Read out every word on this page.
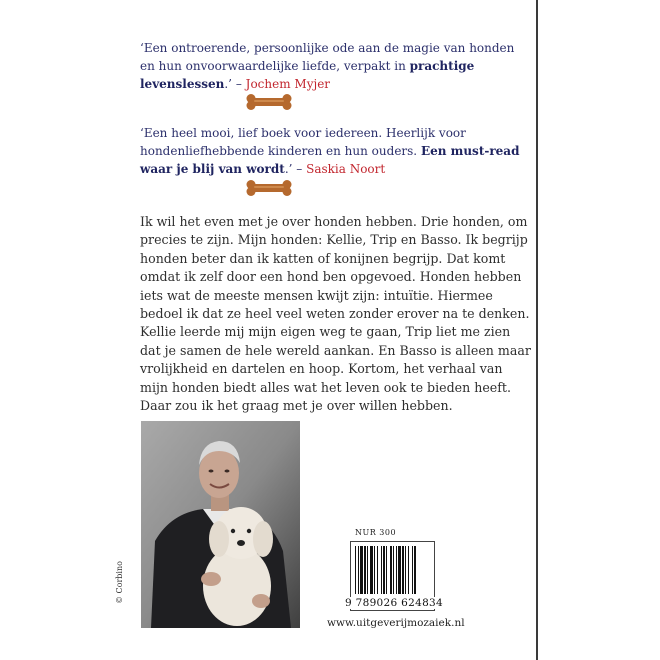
‘Een ontroerende, persoonlijke ode aan de magie van honden en hun onvoorwaardelijke liefde, verpakt in prachtige levenslessen.’ – Jochem Myjer
‘Een heel mooi, lief boek voor iedereen. Heerlijk voor hondenliefhebbende kinderen en hun ouders. Een must-read waar je blij van wordt.’ – Saskia Noort
Ik wil het even met je over honden hebben. Drie honden, om precies te zijn. Mijn honden: Kellie, Trip en Basso. Ik begrijp honden beter dan ik katten of konijnen begrijp. Dat komt omdat ik zelf door een hond ben opgevoed. Honden hebben iets wat de meeste mensen kwijt zijn: intuïtie. Hiermee bedoel ik dat ze heel veel weten zonder erover na te denken. Kellie leerde mij mijn eigen weg te gaan, Trip liet me zien dat je samen de hele wereld aankan. En Basso is alleen maar vrolijkheid en dartelen en hoop. Kortom, het verhaal van mijn honden biedt alles wat het leven ook te bieden heeft. Daar zou ik het graag met je over willen hebben.
© Corbino
NUR 300
9 789026 624834
www.uitgeverijmozaiek.nl
